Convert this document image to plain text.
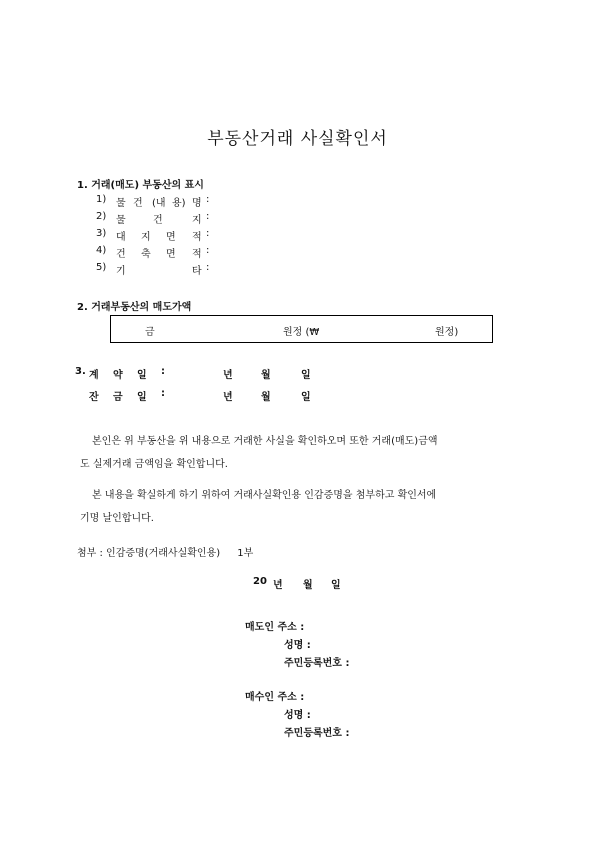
부동산거래 사실확인서
1. 거래(매도) 부동산의 표시
1) 물 건 (내 용) 명 :
2) 물	건	지 :
3) 대 지 면 적 :
4) 건 축 면 적 :
5) 기	타 :
2. 거래부동산의 매도가액
금	원정 (₩	원정)
3. 계 약 일 :	년	월	일
잔 금 일 :	년	월	일
본인은 위 부동산을 위 내용으로 거래한 사실을 확인하오며 또한 거래(매도)금액
도 실제거래 금액임을 확인합니다.
본 내용을 확실하게 하기 위하여 거래사실확인용 인감증명을 첨부하고 확인서에
기명 날인합니다.
첨부 : 인감증명(거래사실확인용) 1부
20 년 월 일
매도인 주소 :
성명 :
주민등록번호 :
매수인 주소 :
성명 :
주민등록번호 :
